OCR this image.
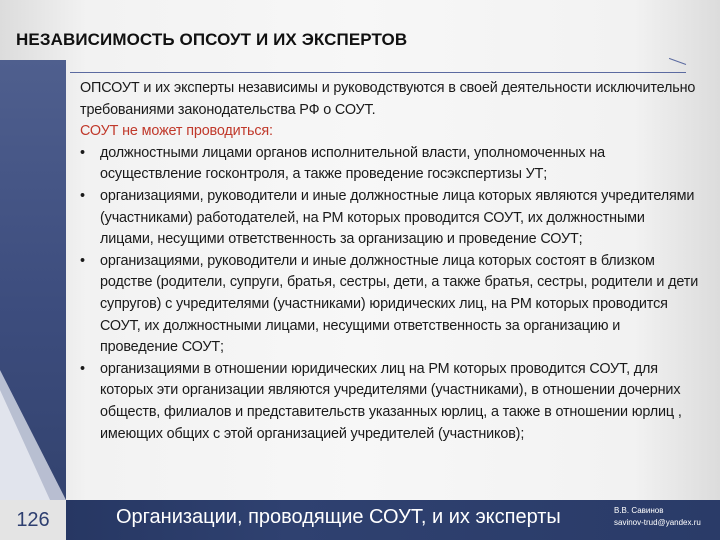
НЕЗАВИСИМОСТЬ ОПСОУТ И ИХ ЭКСПЕРТОВ

ОПСОУТ и их эксперты независимы и руководствуются в своей деятельности исключительно требованиями законодательства РФ о СОУТ.

СОУТ не может проводиться:

• должностными лицами органов исполнительной власти, уполномоченных на осуществление госконтроля, а также проведение госэкспертизы УТ;
• организациями, руководители и иные должностные лица которых являются учредителями (участниками) работодателей, на РМ которых проводится СОУТ, их должностными лицами, несущими ответственность за организацию и проведение СОУТ;
• организациями, руководители и иные должностные лица которых состоят в близком родстве (родители, супруги, братья, сестры, дети, а также братья, сестры, родители и дети супругов) с учредителями (участниками) юридических лиц, на РМ которых проводится СОУТ, их должностными лицами, несущими ответственность за организацию и проведение СОУТ;
• организациями в отношении юридических лиц на РМ которых проводится СОУТ, для которых эти организации являются учредителями (участниками), в отношении дочерних обществ, филиалов и представительств указанных юрлиц, а также в отношении юрлиц , имеющих общих с этой организацией учредителей (участников);
126	Организации, проводящие СОУТ, и их эксперты	В.В. Савинов
savinov-trud@yandex.ru
